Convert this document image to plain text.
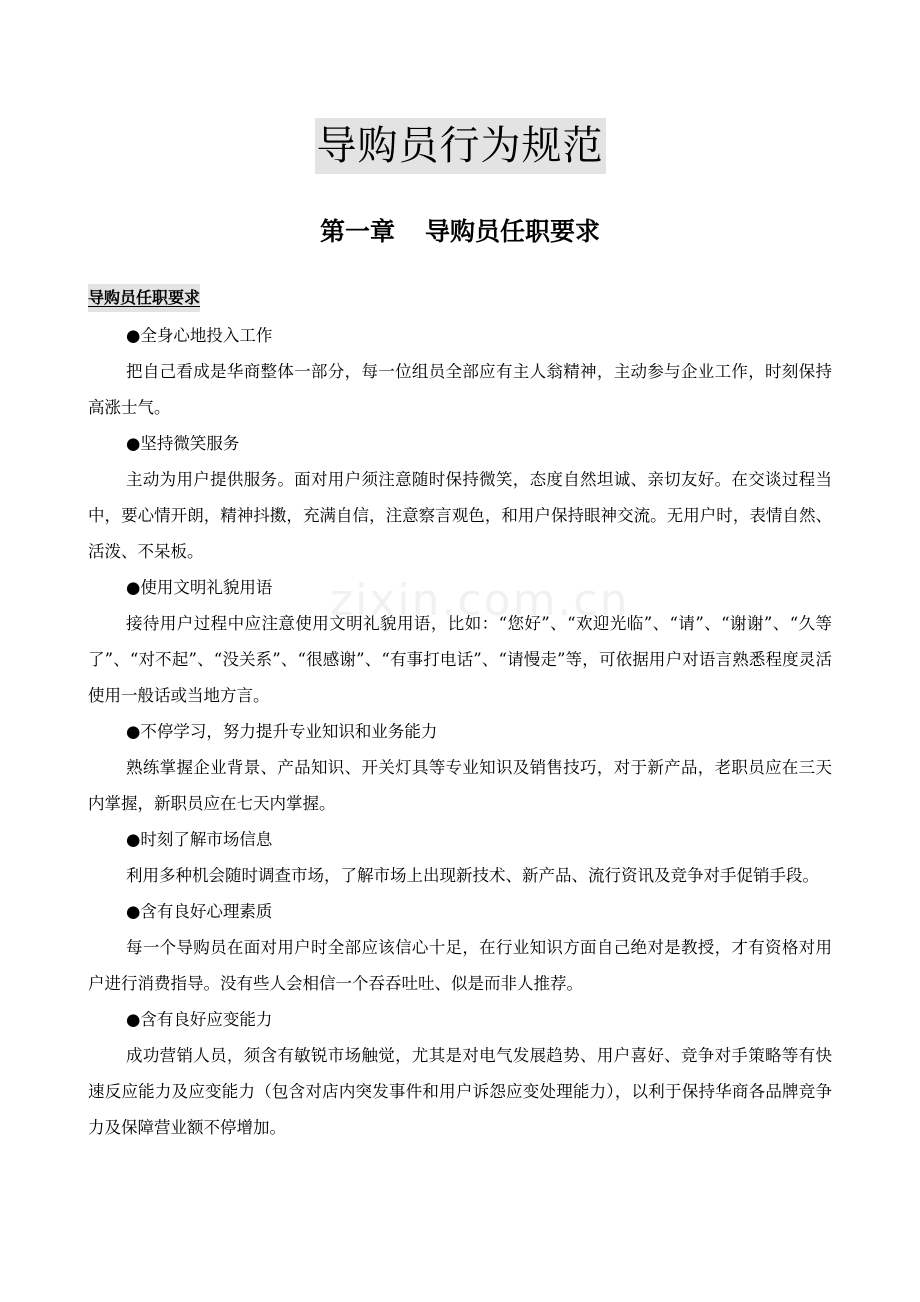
zixin.com.cn
导购员行为规范
第一章 导购员任职要求
导购员任职要求

●全身心地投入工作

把自己看成是华商整体一部分，每一位组员全部应有主人翁精神，主动参与企业工作，时刻保持高涨士气。

●坚持微笑服务

主动为用户提供服务。面对用户须注意随时保持微笑，态度自然坦诚、亲切友好。在交谈过程当中，要心情开朗，精神抖擞，充满自信，注意察言观色，和用户保持眼神交流。无用户时，表情自然、活泼、不呆板。

●使用文明礼貌用语

接待用户过程中应注意使用文明礼貌用语，比如：“您好”、“欢迎光临”、“请”、“谢谢”、“久等了”、“对不起”、“没关系”、“很感谢”、“有事打电话”、“请慢走”等，可依据用户对语言熟悉程度灵活使用一般话或当地方言。

●不停学习，努力提升专业知识和业务能力

熟练掌握企业背景、产品知识、开关灯具等专业知识及销售技巧，对于新产品，老职员应在三天内掌握，新职员应在七天内掌握。

●时刻了解市场信息

利用多种机会随时调查市场，了解市场上出现新技术、新产品、流行资讯及竞争对手促销手段。

●含有良好心理素质

每一个导购员在面对用户时全部应该信心十足，在行业知识方面自己绝对是教授，才有资格对用户进行消费指导。没有些人会相信一个吞吞吐吐、似是而非人推荐。

●含有良好应变能力

成功营销人员，须含有敏锐市场触觉，尤其是对电气发展趋势、用户喜好、竞争对手策略等有快速反应能力及应变能力（包含对店内突发事件和用户诉怨应变处理能力），以利于保持华商各品牌竞争力及保障营业额不停增加。
